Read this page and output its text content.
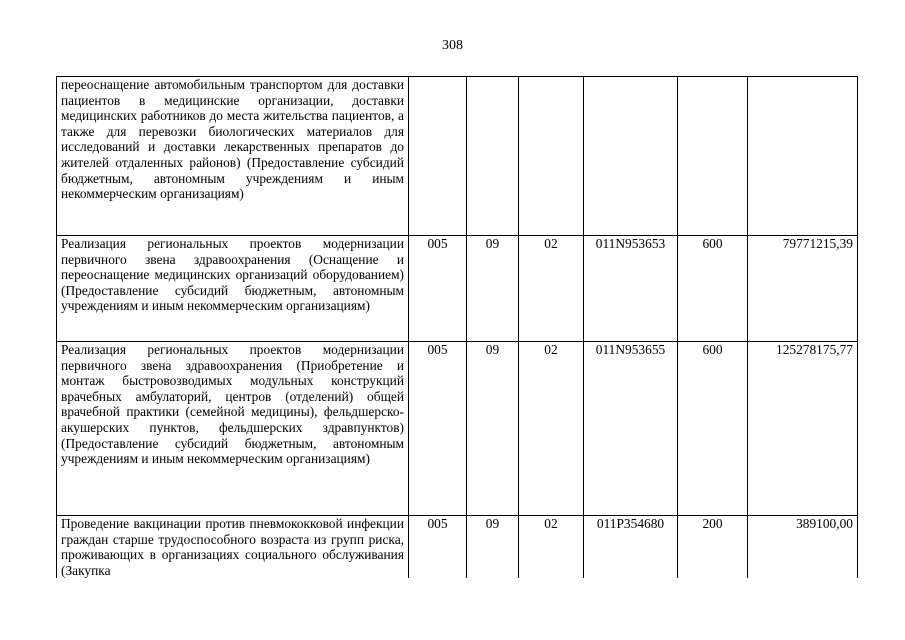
308
переоснащение автомобильным транспортом для доставки пациентов в медицинские организации, доставки медицинских работников до места жительства пациентов, а также для перевозки биологических материалов для исследований и доставки лекарственных препаратов до жителей отдаленных районов) (Предоставление субсидий бюджетным, автономным учреждениям и иным некоммерческим организациям)						
Реализация региональных проектов модернизации первичного звена здравоохранения (Оснащение и переоснащение медицинских организаций оборудованием) (Предоставление субсидий бюджетным, автономным учреждениям и иным некоммерческим организациям)	005	09	02	011N953653	600	79771215,39
Реализация региональных проектов модернизации первичного звена здравоохранения (Приобретение и монтаж быстровозводимых модульных конструкций врачебных амбулаторий, центров (отделений) общей врачебной практики (семейной медицины), фельдшерско-акушерских пунктов, фельдшерских здравпунктов) (Предоставление субсидий бюджетным, автономным учреждениям и иным некоммерческим организациям)	005	09	02	011N953655	600	125278175,77

Проведение вакцинации против пневмококковой инфекции граждан старше трудоспособного возраста из групп риска, проживающих в организациях социального обслуживания (Закупка	005	09	02	011P354680	200	389100,00
